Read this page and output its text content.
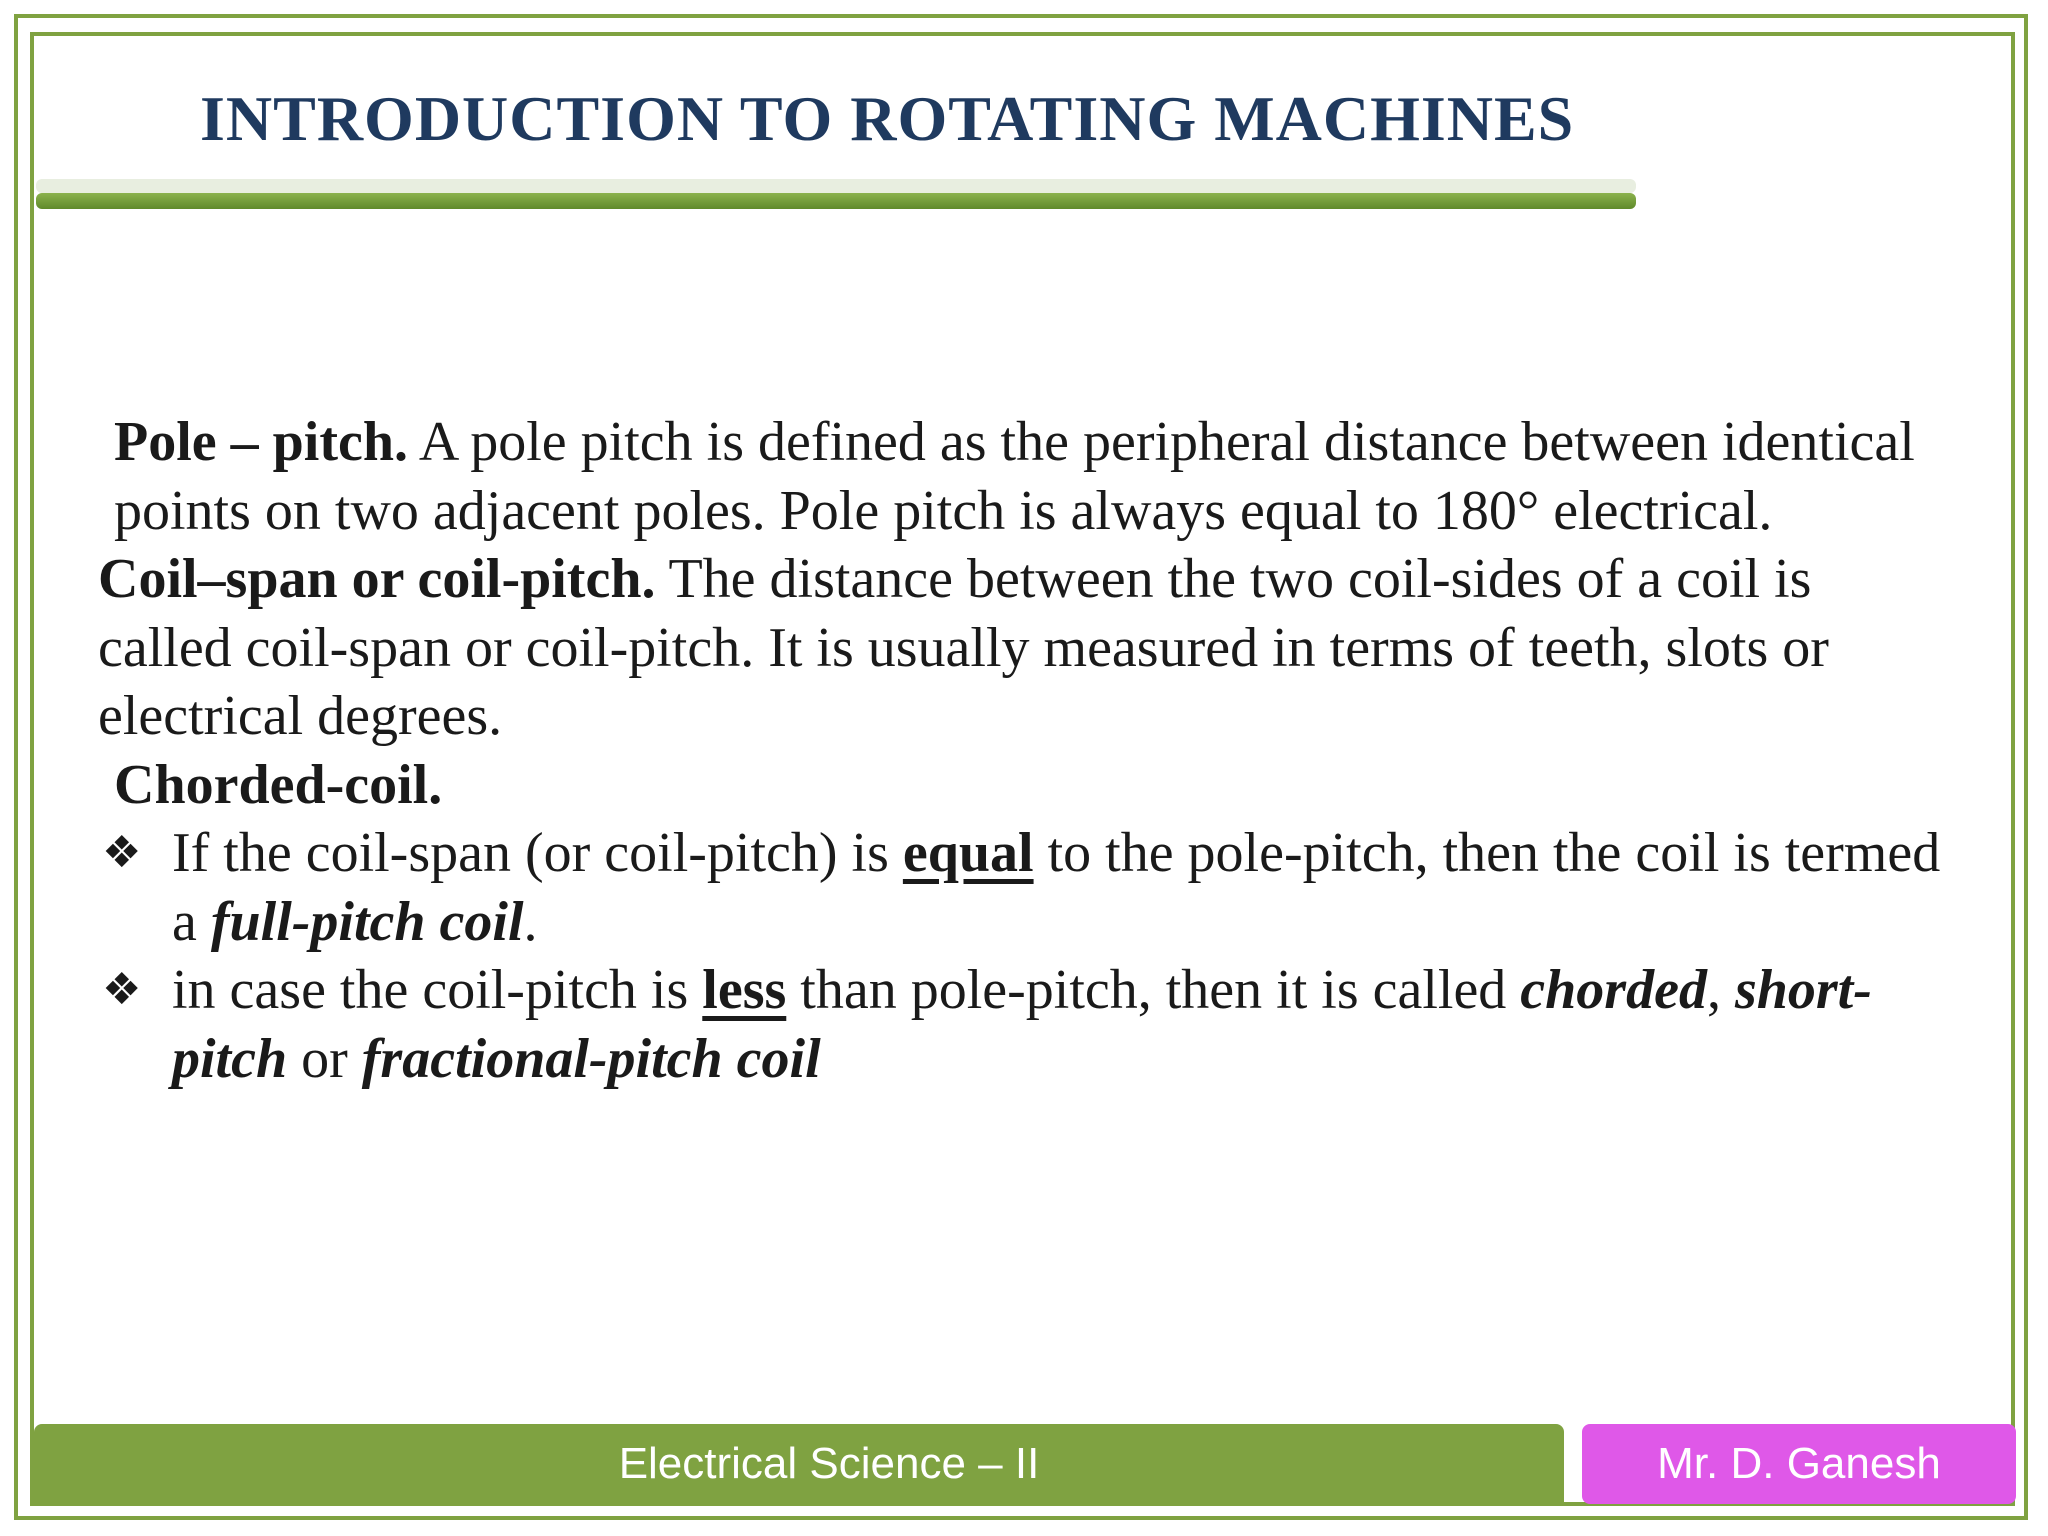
INTRODUCTION TO ROTATING MACHINES

Pole – pitch. A pole pitch is defined as the peripheral distance between identical points on two adjacent poles. Pole pitch is always equal to 180° electrical.

Coil–span or coil-pitch. The distance between the two coil-sides of a coil is called coil-span or coil-pitch. It is usually measured in terms of teeth, slots or electrical degrees.

Chorded-coil.

❖ If the coil-span (or coil-pitch) is equal to the pole-pitch, then the coil is termed a full-pitch coil.

❖ in case the coil-pitch is less than pole-pitch, then it is called chorded, short-pitch or fractional-pitch coil

Electrical Science – II	Mr. D. Ganesh
